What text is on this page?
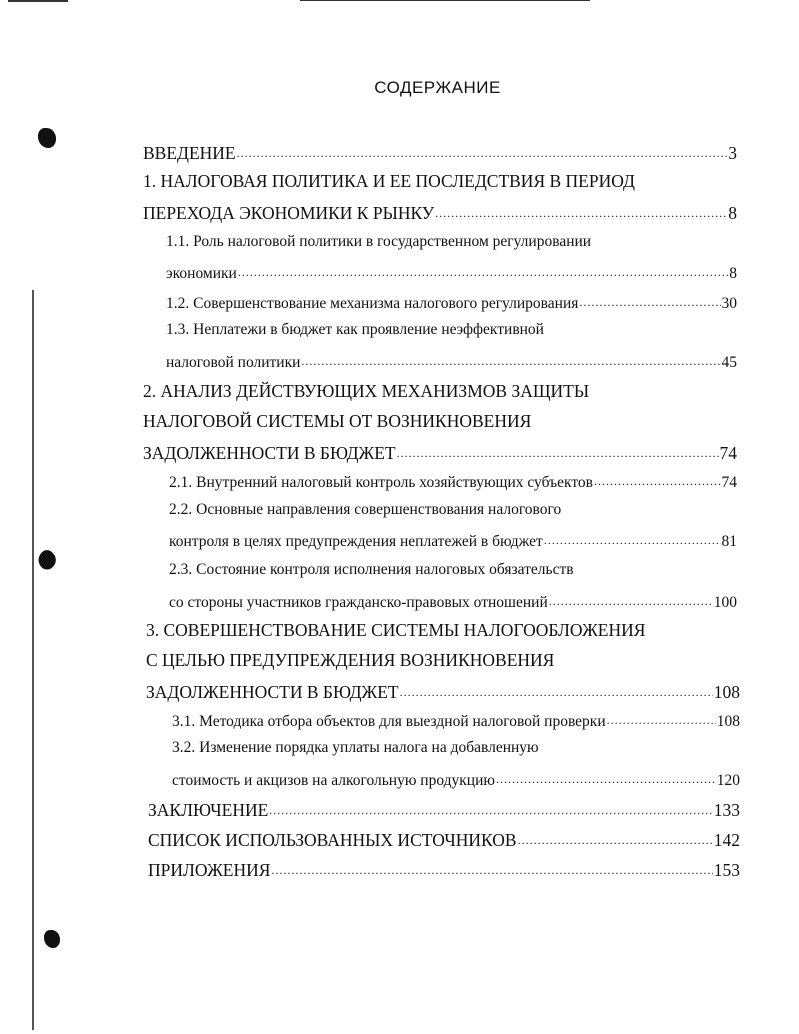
СОДЕРЖАНИЕ
ВВЕДЕНИЕ .....	3
1. НАЛОГОВАЯ ПОЛИТИКА И ЕЕ ПОСЛЕДСТВИЯ В ПЕРИОД
ПЕРЕХОДА ЭКОНОМИКИ К РЫНКУ .....	8
1.1. Роль налоговой политики в государственном регулировании
экономики .....	8
1.2. Совершенствование механизма налогового регулирования .....	30
1.3. Неплатежи в бюджет как проявление неэффективной
налоговой политики .....	45
2. АНАЛИЗ ДЕЙСТВУЮЩИХ МЕХАНИЗМОВ ЗАЩИТЫ
НАЛОГОВОЙ СИСТЕМЫ ОТ ВОЗНИКНОВЕНИЯ
ЗАДОЛЖЕННОСТИ В БЮДЖЕТ .....	74
2.1. Внутренний налоговый контроль хозяйствующих субъектов .....	74
2.2. Основные направления совершенствования налогового
контроля в целях предупреждения неплатежей в бюджет .....	81
2.3. Состояние контроля исполнения налоговых обязательств
со стороны участников гражданско-правовых отношений .....	100
3. СОВЕРШЕНСТВОВАНИЕ СИСТЕМЫ НАЛОГООБЛОЖЕНИЯ
С ЦЕЛЬЮ ПРЕДУПРЕЖДЕНИЯ ВОЗНИКНОВЕНИЯ
ЗАДОЛЖЕННОСТИ В БЮДЖЕТ .....	108
3.1. Методика отбора объектов для выездной налоговой проверки .....	108
3.2. Изменение порядка уплаты налога на добавленную
стоимость и акцизов на алкогольную продукцию .....	120
ЗАКЛЮЧЕНИЕ .....	133
СПИСОК ИСПОЛЬЗОВАННЫХ ИСТОЧНИКОВ .....	142
ПРИЛОЖЕНИЯ .....	153
